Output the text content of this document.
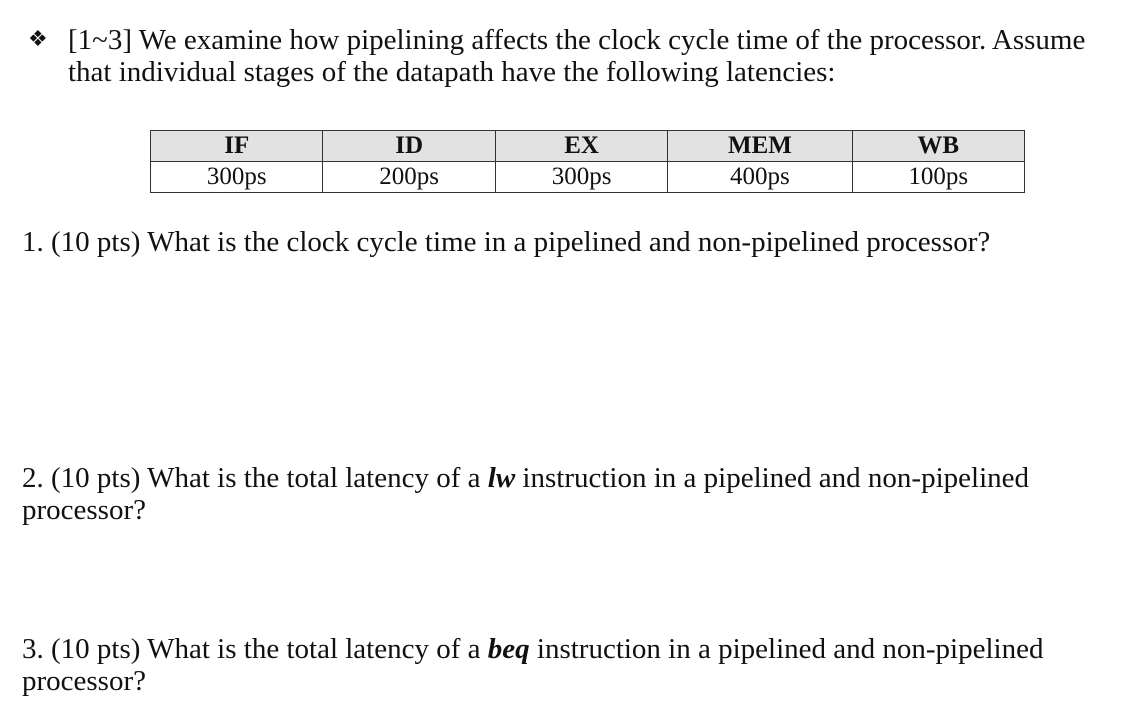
❖ [1~3] We examine how pipelining affects the clock cycle time of the processor. Assume
that individual stages of the datapath have the following latencies:
IF	ID	EX	MEM	WB
300ps	200ps	300ps	400ps	100ps
1. (10 pts) What is the clock cycle time in a pipelined and non-pipelined processor?
2. (10 pts) What is the total latency of a lw instruction in a pipelined and non-pipelined
processor?
3. (10 pts) What is the total latency of a beq instruction in a pipelined and non-pipelined
processor?
